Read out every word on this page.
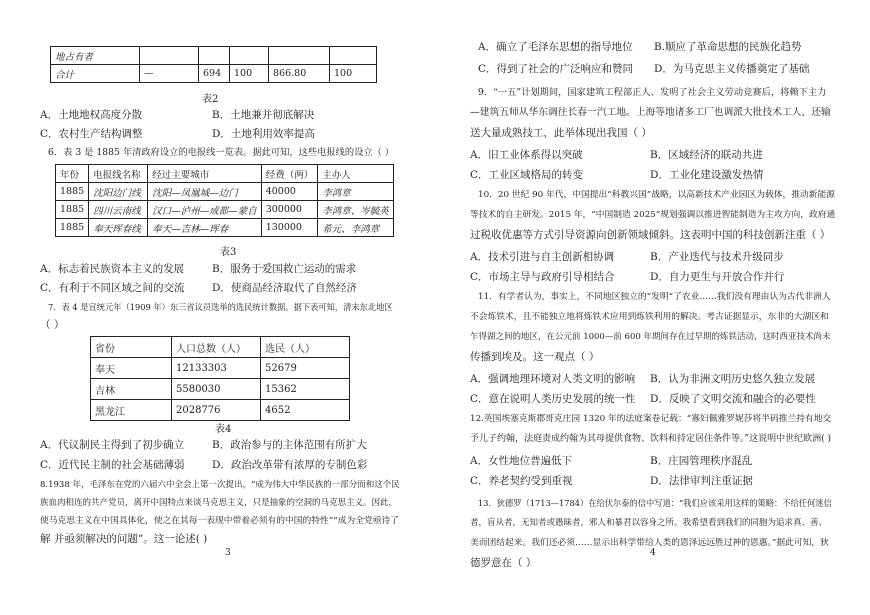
地占有者					
合计	—	694	100	866.80	100
表2
A．土地地权高度分散	B．土地兼并彻底解决
C．农村生产结构调整	D．土地利用效率提高
6．表 3 是 1885 年清政府设立的电报线一览表。据此可知，这些电报线的设立（ ）
年份	电报线名称	经过主要城市	经费（两）	主办人
1885	沈阳边门线	沈阳—凤凰城—边门	40000	李鸿章
1885	四川云南线	汉口—泸州—成都—蒙自	300000	李鸿章、岑毓英
1885	奉天珲春线	奉天—吉林—珲春	130000	希元、李鸿章
表3
A．标志着民族资本主义的发展	B．服务于爱国救亡运动的需求
C．有利于不同区域之间的交流	D．使商品经济取代了自然经济
7．表 4 是宣统元年（1909 年）东三省议员选举的选民统计数据。据下表可知，清末东北地区
（ ）
省份	人口总数（人）	选民（人）
奉天	12133303	52679
吉林	5580030	15362
黑龙江	2028776	4652
表4
A．代议制民主得到了初步确立	B．政治参与的主体范围有所扩大
C．近代民主制的社会基础薄弱	D．政治改革带有浓厚的专制色彩
8.1938 年，毛泽东在党的六届六中全会上第一次提出，“成为伟大中华民族的一部分而和这个民
族血肉相连的共产党员，离开中国特点来谈马克思主义，只是抽象的空洞的马克思主义。因此，
使马克思主义在中国具体化，使之在其每一表现中带着必须有的中国的特性”“成为全党亟待了
解 并亟须解决的问题”。这一论述( )
3
A．确立了毛泽东思想的指导地位 B.顺应了革命思想的民族化趋势
C．得到了社会的广泛响应和赞同 D．为马克思主义传播奠定了基础
9．“一五”计划期间，国家建筑工程部正人、发明了社会主义劳动竞赛后，将赖下主力
—建筑五师从华东调往长春一汽工地。上海等地诸多工厂也调派大批技术工人，还输
送大量成熟技工，此举体现出我国（ ）
A．旧工业体系得以突破	B．区域经济的联动共进
C．工业区域格局的转变	D．工业化建设激发热情
10．20 世纪 90 年代，中国提出“科教兴国”战略，以高新技术产业园区为载体，推动新能源
等技术的自主研发。2015 年，“中国制造 2025”规划强调以推进智能制造为主攻方向，政府通
过税收优惠等方式引导资源向创新领域倾斜。这表明中国的科技创新注重（ ）
A．技术引进与自主创新相协调	B．产业迭代与技术升级同步
C．市场主导与政府引导相结合	D．自力更生与开放合作并行
11．有学者认为，事实上，不同地区独立的“发明”了农业……我们没有理由认为古代非洲人
不会炼铁术，且不能独立地将炼铁术应用到炼铁利用的解决。考古证据显示，东非的大湖区和
乍得湖之间的地区，在公元前 1000—前 600 年期间存在过早期的炼铁活动，这时西亚技术尚未
传播到埃及。这一观点（ ）
A．强调地理环境对人类文明的影响 B．认为非洲文明历史悠久独立发展
C．意在说明人类历史发展的统一性 D．反映了文明交流和融合的必要性
12.英国埃塞克斯郡哥克庄园 1320 年的法庭案卷记载：“寡妇佩雅罗妮莎将半码推兰持有地交
予儿子约翰，法庭责成约翰为其母提供食物、饮料和持定居住条件等。”这说明中世纪欧洲( )
A．女性地位普遍低下	B．庄园管理秩序混乱
C．养老契约受到重视	D．法律审判注重证据
13．狄德罗（1713—1784）在给伏尔泰的信中写道：“我们应该采用这样的策略：不给任何迷信
者，盲从者，无知者或愚昧者，邪人和暴君以容身之所。我希望看到我们的同胞为追求真、善、
美而团结起来。我们还必须……显示出科学带给人类的恩泽远远胜过神的恩惠。”据此可知，狄
德罗意在（ ）
4
